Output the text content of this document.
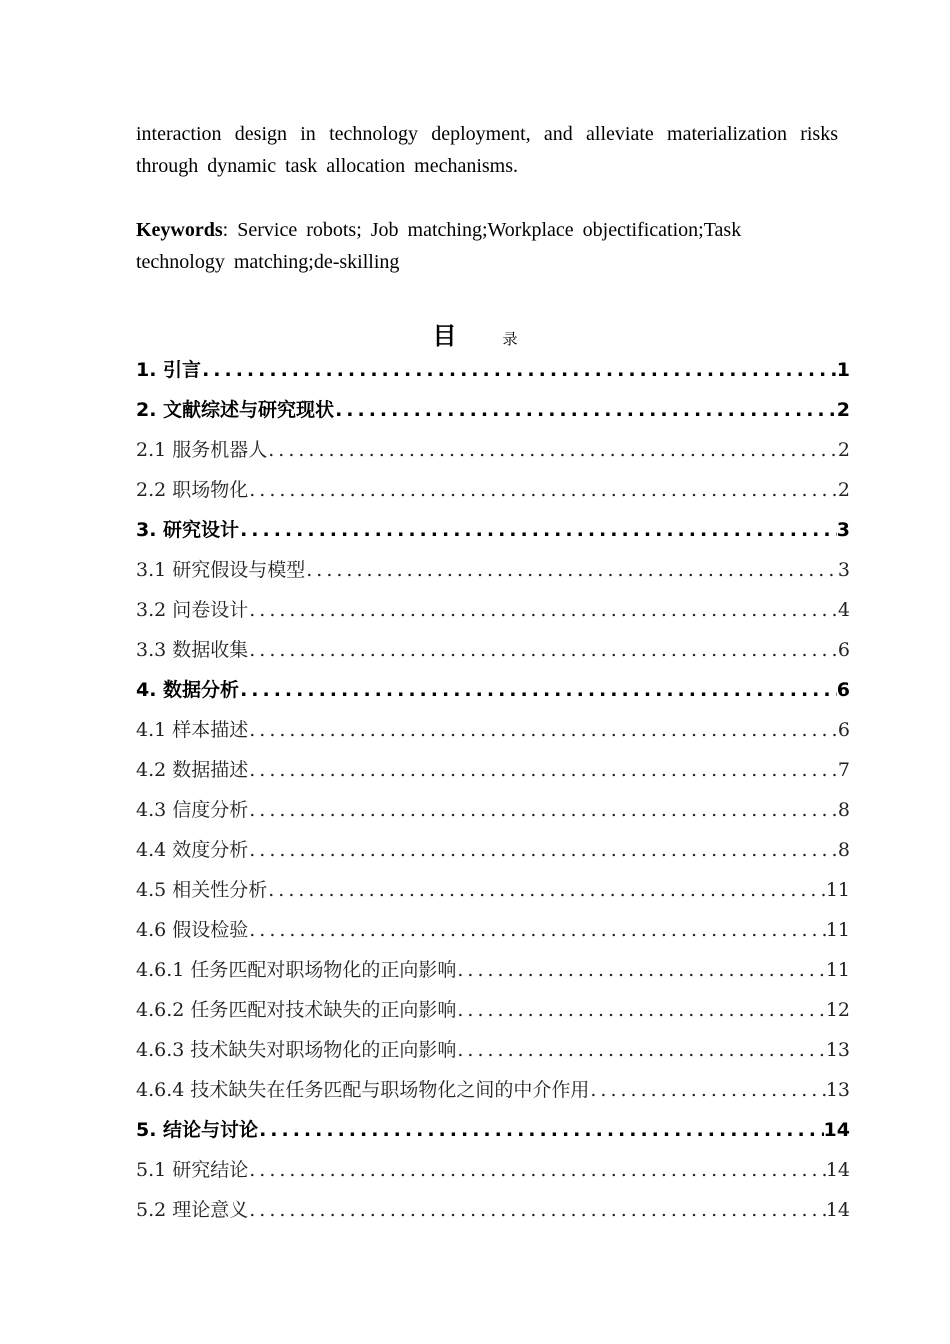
interaction design in technology deployment, and alleviate materialization risks through dynamic task allocation mechanisms.

Keywords: Service robots; Job matching;Workplace objectification;Task technology matching;de-skilling

目	录
1. 引言 .....	1
2. 文献综述与研究现状 .....	2
2.1 服务机器人 .....	2
2.2 职场物化 .....	2
3. 研究设计 .....	3
3.1 研究假设与模型 .....	3
3.2 问卷设计 .....	4
3.3 数据收集 .....	6
4. 数据分析 .....	6
4.1 样本描述 .....	6
4.2 数据描述 .....	7
4.3 信度分析 .....	8
4.4 效度分析 .....	8
4.5 相关性分析 .....	11
4.6 假设检验 .....	11
4.6.1 任务匹配对职场物化的正向影响 .....	11
4.6.2 任务匹配对技术缺失的正向影响 .....	12
4.6.3 技术缺失对职场物化的正向影响 .....	13
4.6.4 技术缺失在任务匹配与职场物化之间的中介作用 .....	13
5. 结论与讨论 .....	14
5.1 研究结论 .....	14
5.2 理论意义 .....	14
